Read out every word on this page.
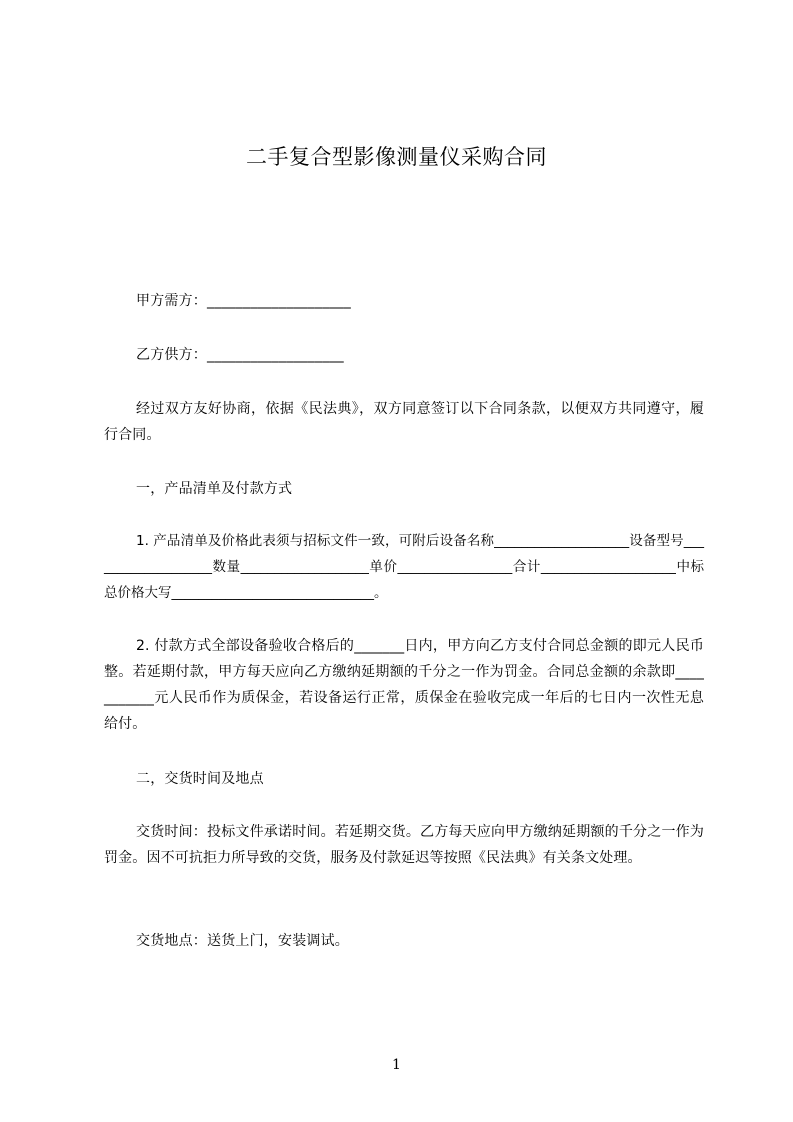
二手复合型影像测量仪采购合同
甲方需方：____________________
乙方供方：___________________
经过双方友好协商，依据《民法典》，双方同意签订以下合同条款，以便双方共同遵守，履行合同。
一，产品清单及付款方式
1. 产品清单及价格此表须与招标文件一致，可附后设备名称____________________设备型号___________________数量___________________单价_________________合计____________________中标总价格大写______________________________。
2. 付款方式全部设备验收合格后的_______日内，甲方向乙方支付合同总金额的即元人民币整。若延期付款，甲方每天应向乙方缴纳延期额的千分之一作为罚金。合同总金额的余款即___________元人民币作为质保金，若设备运行正常，质保金在验收完成一年后的七日内一次性无息给付。
二，交货时间及地点
交货时间：投标文件承诺时间。若延期交货。乙方每天应向甲方缴纳延期额的千分之一作为罚金。因不可抗拒力所导致的交货，服务及付款延迟等按照《民法典》有关条文处理。
交货地点：送货上门，安装调试。
1
